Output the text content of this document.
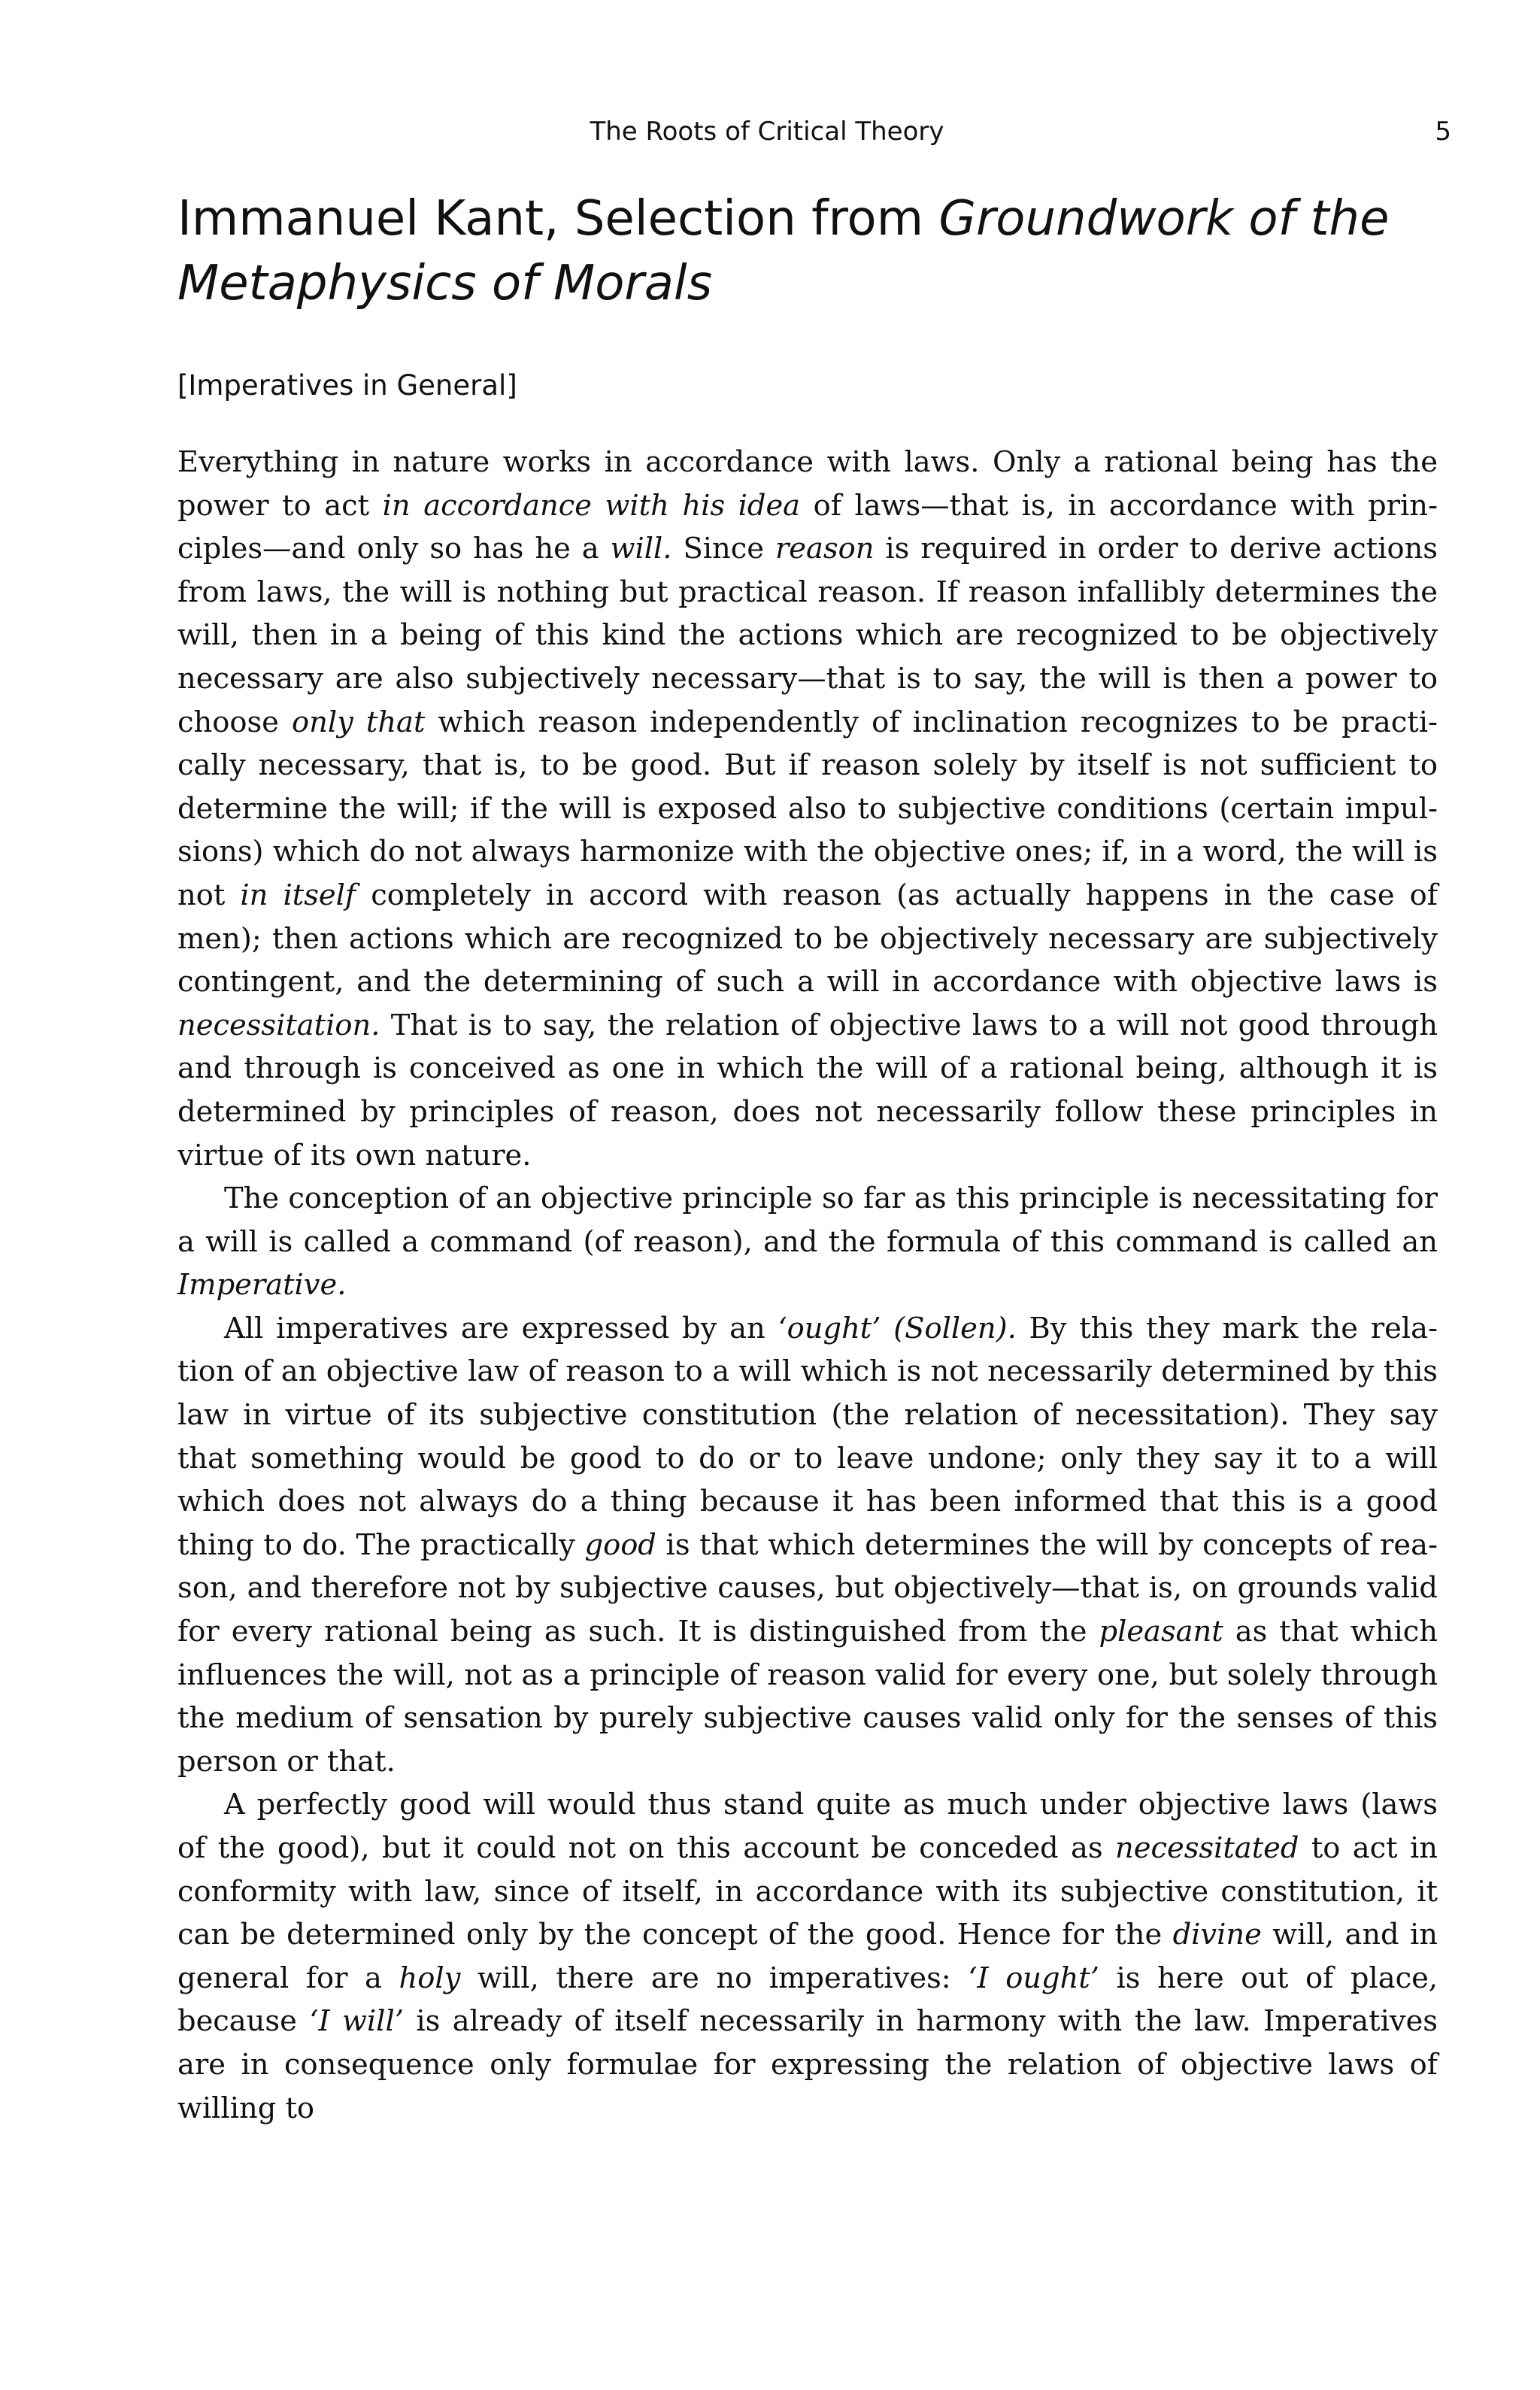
The Roots of Critical Theory	5
Immanuel Kant, Selection from Groundwork of the Metaphysics of Morals
[Imperatives in General]

Everything in nature works in accordance with laws. Only a rational being has the power to act in accordance with his idea of laws—that is, in accordance with principles—and only so has he a will. Since reason is required in order to derive actions from laws, the will is nothing but practical reason. If reason infallibly determines the will, then in a being of this kind the actions which are recognized to be objectively necessary are also subjectively necessary—that is to say, the will is then a power to choose only that which reason independently of inclination recognizes to be practically necessary, that is, to be good. But if reason solely by itself is not sufficient to determine the will; if the will is exposed also to subjective conditions (certain impulsions) which do not always harmonize with the objective ones; if, in a word, the will is not in itself completely in accord with reason (as actually happens in the case of men); then actions which are recognized to be objectively necessary are subjectively contingent, and the determining of such a will in accordance with objective laws is necessitation. That is to say, the relation of objective laws to a will not good through and through is conceived as one in which the will of a rational being, although it is determined by principles of reason, does not necessarily follow these principles in virtue of its own nature.

The conception of an objective principle so far as this principle is necessitating for a will is called a command (of reason), and the formula of this command is called an Imperative.

All imperatives are expressed by an ‘ought’ (Sollen). By this they mark the relation of an objective law of reason to a will which is not necessarily determined by this law in virtue of its subjective constitution (the relation of necessitation). They say that something would be good to do or to leave undone; only they say it to a will which does not always do a thing because it has been informed that this is a good thing to do. The practically good is that which determines the will by concepts of reason, and therefore not by subjective causes, but objectively—that is, on grounds valid for every rational being as such. It is distinguished from the pleasant as that which influences the will, not as a principle of reason valid for every one, but solely through the medium of sensation by purely subjective causes valid only for the senses of this person or that.

A perfectly good will would thus stand quite as much under objective laws (laws of the good), but it could not on this account be conceded as necessitated to act in conformity with law, since of itself, in accordance with its subjective constitution, it can be determined only by the concept of the good. Hence for the divine will, and in general for a holy will, there are no imperatives: ‘I ought’ is here out of place, because ‘I will’ is already of itself necessarily in harmony with the law. Imperatives are in consequence only formulae for expressing the relation of objective laws of willing to
